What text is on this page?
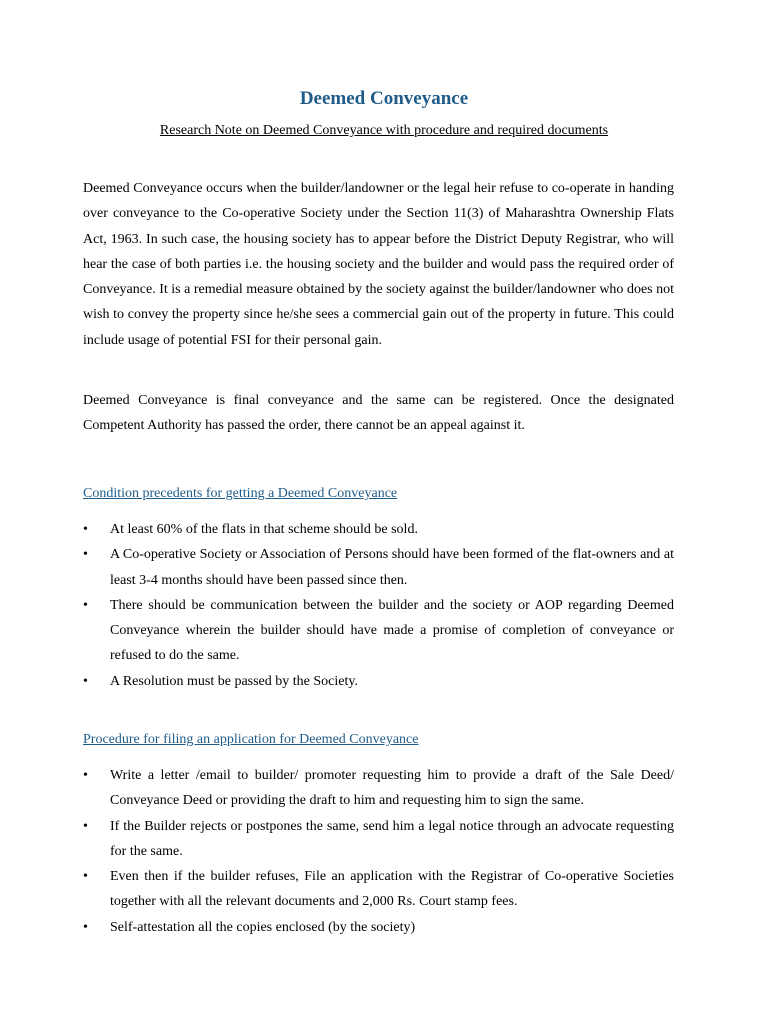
Deemed Conveyance
Research Note on Deemed Conveyance with procedure and required documents

Deemed Conveyance occurs when the builder/landowner or the legal heir refuse to co-operate in handing over conveyance to the Co-operative Society under the Section 11(3) of Maharashtra Ownership Flats Act, 1963. In such case, the housing society has to appear before the District Deputy Registrar, who will hear the case of both parties i.e. the housing society and the builder and would pass the required order of Conveyance. It is a remedial measure obtained by the society against the builder/landowner who does not wish to convey the property since he/she sees a commercial gain out of the property in future. This could include usage of potential FSI for their personal gain.

Deemed Conveyance is final conveyance and the same can be registered. Once the designated Competent Authority has passed the order, there cannot be an appeal against it.

Condition precedents for getting a Deemed Conveyance
• At least 60% of the flats in that scheme should be sold.
• A Co-operative Society or Association of Persons should have been formed of the flat-owners and at least 3-4 months should have been passed since then.
• There should be communication between the builder and the society or AOP regarding Deemed Conveyance wherein the builder should have made a promise of completion of conveyance or refused to do the same.
• A Resolution must be passed by the Society.
Procedure for filing an application for Deemed Conveyance
• Write a letter /email to builder/ promoter requesting him to provide a draft of the Sale Deed/ Conveyance Deed or providing the draft to him and requesting him to sign the same.
• If the Builder rejects or postpones the same, send him a legal notice through an advocate requesting for the same.
• Even then if the builder refuses, File an application with the Registrar of Co-operative Societies together with all the relevant documents and 2,000 Rs. Court stamp fees.
• Self-attestation all the copies enclosed (by the society)
